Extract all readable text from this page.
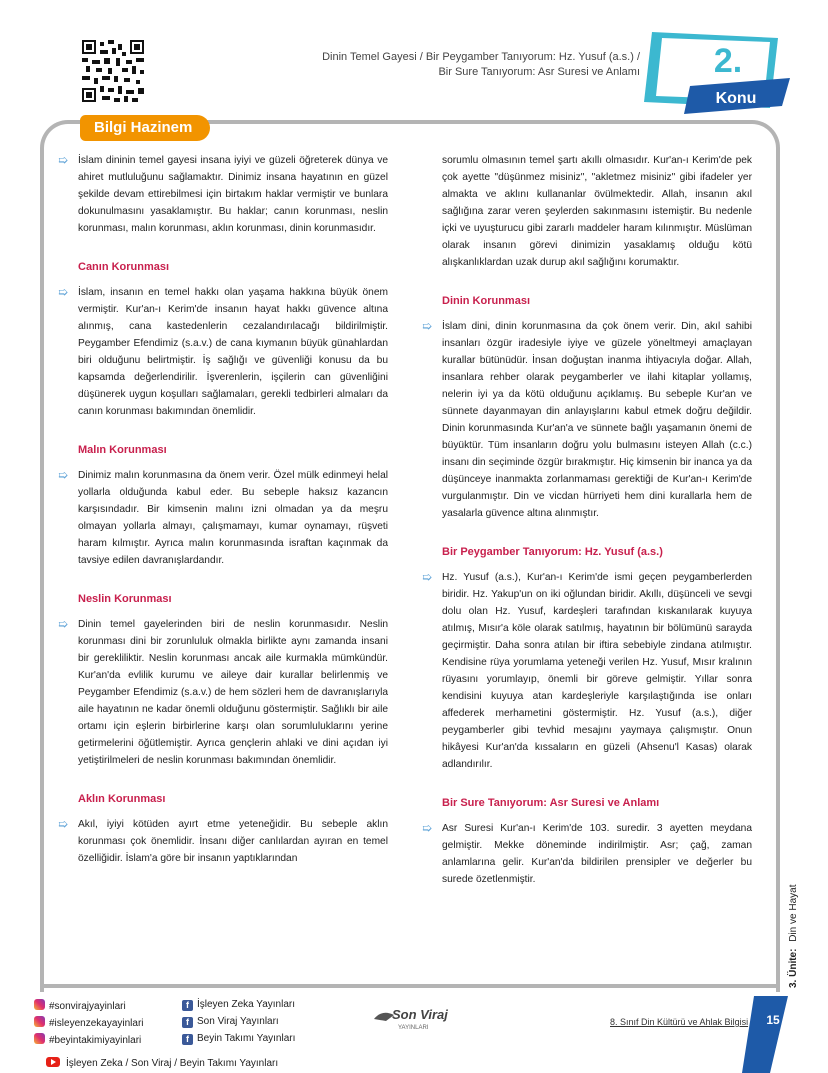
Dinin Temel Gayesi / Bir Peygamber Tanıyorum: Hz. Yusuf (a.s.) /
Bir Sure Tanıyorum: Asr Suresi ve Anlamı 2.
Konu
Bilgi Hazinem
➯ İslam dininin temel gayesi insana iyiyi ve güzeli öğreterek dünya ve ahiret mutluluğunu sağlamaktır. Dinimiz insana hayatının en güzel şekilde devam ettirebilmesi için birtakım haklar vermiştir ve bunlara dokunulmasını yasaklamıştır. Bu haklar; canın korunması, neslin korunması, malın korunması, aklın korunması, dinin korunmasıdır.
Canın Korunması
➯ İslam, insanın en temel hakkı olan yaşama hakkına büyük önem vermiştir. Kur'an-ı Kerim'de insanın hayat hakkı güvence altına alınmış, cana kastedenlerin cezalandırılacağı bildirilmiştir. Peygamber Efendimiz (s.a.v.) de cana kıymanın büyük günahlardan biri olduğunu belirtmiştir. İş sağlığı ve güvenliği konusu da bu kapsamda değerlendirilir. İşverenlerin, işçilerin can güvenliğini düşünerek uygun koşulları sağlamaları, gerekli tedbirleri almaları da canın korunması bakımından önemlidir.
Malın Korunması
➯ Dinimiz malın korunmasına da önem verir. Özel mülk edinmeyi helal yollarla olduğunda kabul eder. Bu sebeple haksız kazancın karşısındadır. Bir kimsenin malını izni olmadan ya da meşru olmayan yollarla almayı, çalışmamayı, kumar oynamayı, rüşveti haram kılmıştır. Ayrıca malın korunmasında israftan kaçınmak da tavsiye edilen davranışlardandır.
Neslin Korunması
➯ Dinin temel gayelerinden biri de neslin korunmasıdır. Neslin korunması dini bir zorunluluk olmakla birlikte aynı zamanda insani bir gerekliliktir. Neslin korunması ancak aile kurmakla mümkündür. Kur'an'da evlilik kurumu ve aileye dair kurallar belirlenmiş ve Peygamber Efendimiz (s.a.v.) de hem sözleri hem de davranışlarıyla aile hayatının ne kadar önemli olduğunu göstermiştir. Sağlıklı bir aile ortamı için eşlerin birbirlerine karşı olan sorumluluklarını yerine getirmelerini öğütlemiştir. Ayrıca gençlerin ahlaki ve dini açıdan iyi yetiştirilmeleri de neslin korunması bakımından önemlidir.
Aklın Korunması
➯ Akıl, iyiyi kötüden ayırt etme yeteneğidir. Bu sebeple aklın korunması çok önemlidir. İnsanı diğer canlılardan ayıran en temel özelliğidir. İslam'a göre bir insanın yaptıklarından
sorumlu olmasının temel şartı akıllı olmasıdır. Kur'an-ı Kerim'de pek çok ayette "düşünmez misiniz", "akletmez misiniz" gibi ifadeler yer almakta ve aklını kullananlar övülmektedir. Allah, insanın akıl sağlığına zarar veren şeylerden sakınmasını istemiştir. Bu nedenle içki ve uyuşturucu gibi zararlı maddeler haram kılınmıştır. Müslüman olarak insanın görevi dinimizin yasaklamış olduğu kötü alışkanlıklardan uzak durup akıl sağlığını korumaktır.
Dinin Korunması
➯ İslam dini, dinin korunmasına da çok önem verir. Din, akıl sahibi insanları özgür iradesiyle iyiye ve güzele yöneltmeyi amaçlayan kurallar bütünüdür. İnsan doğuştan inanma ihtiyacıyla doğar. Allah, insanlara rehber olarak peygamberler ve ilahi kitaplar yollamış, nelerin iyi ya da kötü olduğunu açıklamış. Bu sebeple Kur'an ve sünnete dayanmayan din anlayışlarını kabul etmek doğru değildir. Dinin korunmasında Kur'an'a ve sünnete bağlı yaşamanın önemi de büyüktür. Tüm insanların doğru yolu bulmasını isteyen Allah (c.c.) insanı din seçiminde özgür bırakmıştır. Hiç kimsenin bir inanca ya da düşünceye inanmakta zorlanmaması gerektiği de Kur'an-ı Kerim'de vurgulanmıştır. Din ve vicdan hürriyeti hem dini kurallarla hem de yasalarla güvence altına alınmıştır.
Bir Peygamber Tanıyorum: Hz. Yusuf (a.s.)
➯ Hz. Yusuf (a.s.), Kur'an-ı Kerim'de ismi geçen peygamberlerden biridir. Hz. Yakup'un on iki oğlundan biridir. Akıllı, düşünceli ve sevgi dolu olan Hz. Yusuf, kardeşleri tarafından kıskanılarak kuyuya atılmış, Mısır'a köle olarak satılmış, hayatının bir bölümünü sarayda geçirmiştir. Daha sonra atılan bir iftira sebebiyle zindana atılmıştır. Kendisine rüya yorumlama yeteneği verilen Hz. Yusuf, Mısır kralının rüyasını yorumlayıp, önemli bir göreve gelmiştir. Yıllar sonra kendisini kuyuya atan kardeşleriyle karşılaştığında ise onları affederek merhametini göstermiştir. Hz. Yusuf (a.s.), diğer peygamberler gibi tevhid mesajını yaymaya çalışmıştır. Onun hikâyesi Kur'an'da kıssaların en güzeli (Ahsenu'l Kasas) olarak adlandırılır.
Bir Sure Tanıyorum: Asr Suresi ve Anlamı
➯ Asr Suresi Kur'an-ı Kerim'de 103. suredir. 3 ayetten meydana gelmiştir. Mekke döneminde indirilmiştir. Asr; çağ, zaman anlamlarına gelir. Kur'an'da bildirilen prensipler ve değerler bu surede özetlenmiştir.
3. Ünite: Din ve Hayat
#sonvirajyayinlari
#isleyenzekayayinlari
#beyintakimiyayinlari
f İşleyen Zeka Yayınları
f Son Viraj Yayınları
f Beyin Takımı Yayınları
İşleyen Zeka / Son Viraj / Beyin Takımı Yayınları
Son Viraj
YAYINLARI
8. Sınıf Din Kültürü ve Ahlak Bilgisi 15
